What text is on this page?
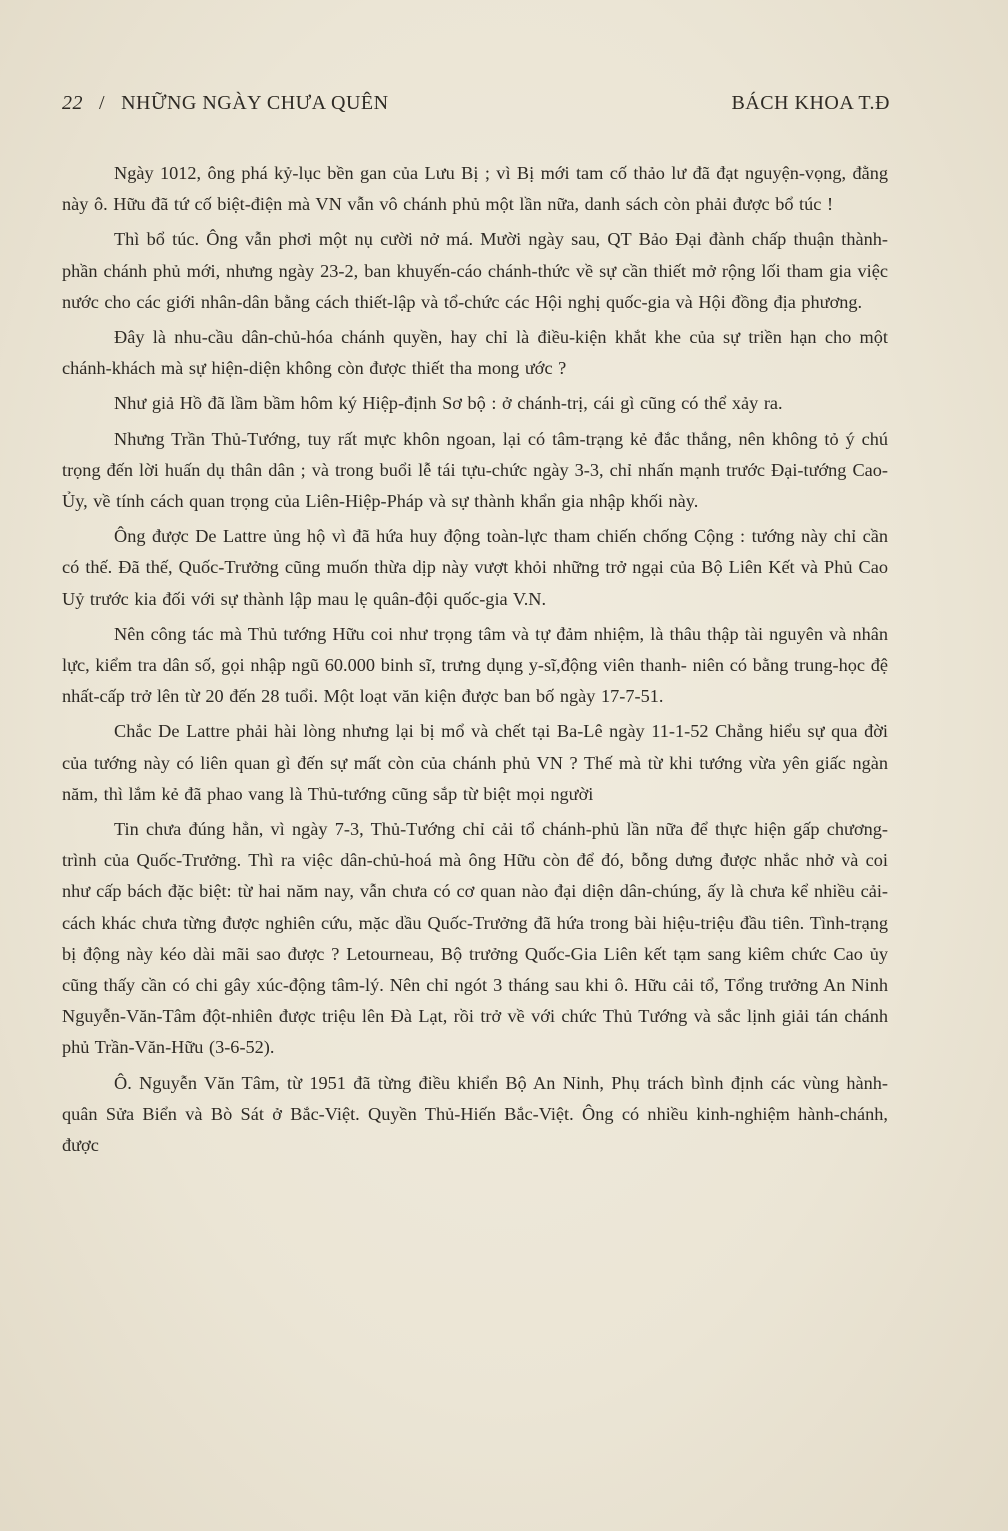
22 / NHỮNG NGÀY CHƯA QUÊN	BÁCH KHOA T.Đ

Ngày 1012, ông phá kỷ-lục bền gan của Lưu Bị ; vì Bị mới tam cố thảo lư đã đạt nguyện-vọng, đằng này ô. Hữu đã tứ cố biệt-điện mà VN vẫn vô chánh phủ một lần nữa, danh sách còn phải được bổ túc !

Thì bổ túc. Ông vẫn phơi một nụ cười nở má. Mười ngày sau, QT Bảo Đại đành chấp thuận thành-phần chánh phủ mới, nhưng ngày 23-2, ban khuyến-cáo chánh-thức về sự cần thiết mở rộng lối tham gia việc nước cho các giới nhân-dân bằng cách thiết-lập và tổ-chức các Hội nghị quốc-gia và Hội đồng địa phương.

Đây là nhu-cầu dân-chủ-hóa chánh quyền, hay chỉ là điều-kiện khắt khe của sự triền hạn cho một chánh-khách mà sự hiện-diện không còn được thiết tha mong ước ?

Như giả Hồ đã lầm bầm hôm ký Hiệp-định Sơ bộ : ở chánh-trị, cái gì cũng có thể xảy ra.

Nhưng Trần Thủ-Tướng, tuy rất mực khôn ngoan, lại có tâm-trạng kẻ đắc thắng, nên không tỏ ý chú trọng đến lời huấn dụ thân dân ; và trong buổi lễ tái tựu-chức ngày 3-3, chỉ nhấn mạnh trước Đại-tướng Cao-Ủy, về tính cách quan trọng của Liên-Hiệp-Pháp và sự thành khẩn gia nhập khối này.

Ông được De Lattre ủng hộ vì đã hứa huy động toàn-lực tham chiến chống Cộng : tướng này chỉ cần có thế. Đã thế, Quốc-Trưởng cũng muốn thừa dịp này vượt khỏi những trở ngại của Bộ Liên Kết và Phủ Cao Uỷ trước kia đối với sự thành lập mau lẹ quân-đội quốc-gia V.N.

Nên công tác mà Thủ tướng Hữu coi như trọng tâm và tự đảm nhiệm, là thâu thập tài nguyên và nhân lực, kiểm tra dân số, gọi nhập ngũ 60.000 binh sĩ, trưng dụng y-sĩ,động viên thanh- niên có bằng trung-học đệ nhất-cấp trở lên từ 20 đến 28 tuổi. Một loạt văn kiện được ban bố ngày 17-7-51.

Chắc De Lattre phải hài lòng nhưng lại bị mổ và chết tại Ba-Lê ngày 11-1-52 Chẳng hiểu sự qua đời của tướng này có liên quan gì đến sự mất còn của chánh phủ VN ? Thế mà từ khi tướng vừa yên giấc ngàn năm, thì lắm kẻ đã phao vang là Thủ-tướng cũng sắp từ biệt mọi người

Tin chưa đúng hẳn, vì ngày 7-3, Thủ-Tướng chỉ cải tổ chánh-phủ lần nữa để thực hiện gấp chương-trình của Quốc-Trưởng. Thì ra việc dân-chủ-hoá mà ông Hữu còn để đó, bỗng dưng được nhắc nhở và coi như cấp bách đặc biệt: từ hai năm nay, vẫn chưa có cơ quan nào đại diện dân-chúng, ấy là chưa kể nhiều cải-cách khác chưa từng được nghiên cứu, mặc dầu Quốc-Trưởng đã hứa trong bài hiệu-triệu đầu tiên. Tình-trạng bị động này kéo dài mãi sao được ? Letourneau, Bộ trưởng Quốc-Gia Liên kết tạm sang kiêm chức Cao ủy cũng thấy cần có chi gây xúc-động tâm-lý. Nên chỉ ngót 3 tháng sau khi ô. Hữu cải tổ, Tổng trưởng An Ninh Nguyễn-Văn-Tâm đột-nhiên được triệu lên Đà Lạt, rồi trở về với chức Thủ Tướng và sắc lịnh giải tán chánh phủ Trần-Văn-Hữu (3-6-52).

Ô. Nguyễn Văn Tâm, từ 1951 đã từng điều khiển Bộ An Ninh, Phụ trách bình định các vùng hành-quân Sửa Biển và Bò Sát ở Bắc-Việt. Quyền Thủ-Hiến Bắc-Việt. Ông có nhiều kinh-nghiệm hành-chánh, được
